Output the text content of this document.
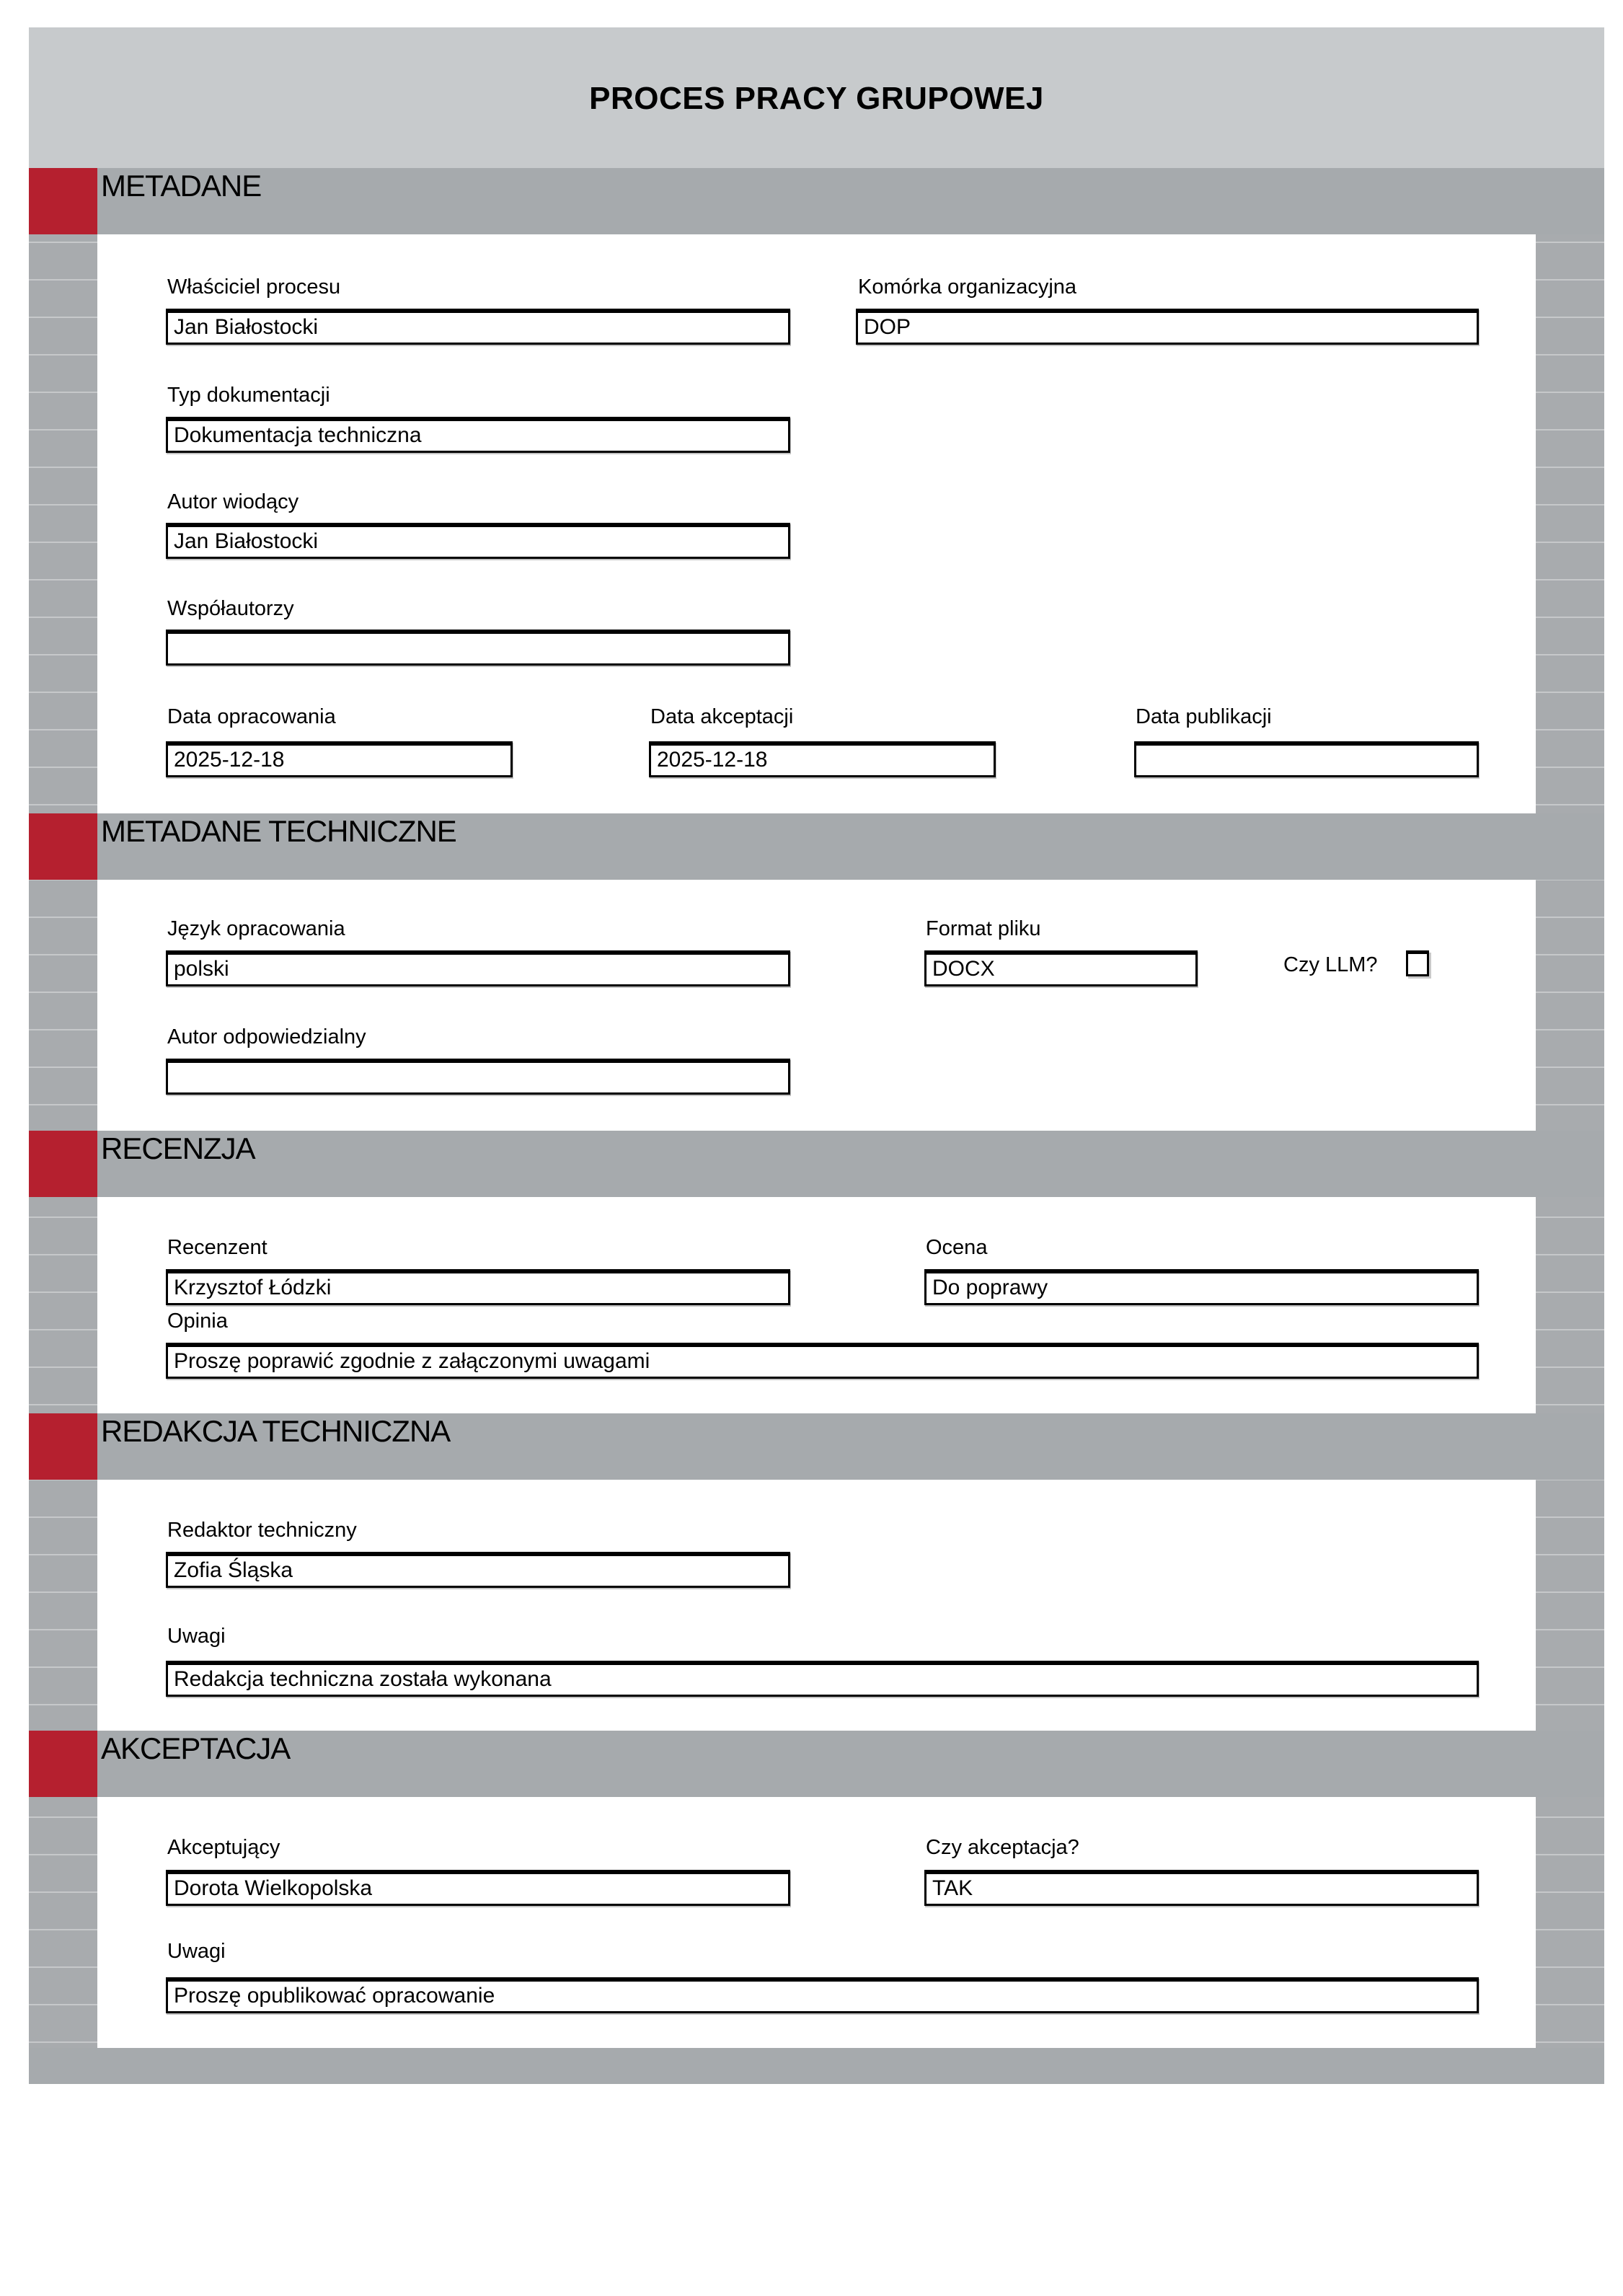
PROCES PRACY GRUPOWEJ
METADANE
Właściciel procesu
Jan Białostocki
Komórka organizacyjna
DOP
Typ dokumentacji
Dokumentacja techniczna
Autor wiodący
Jan Białostocki
Współautorzy
Data opracowania
2025-12-18
Data akceptacji
2025-12-18
Data publikacji
METADANE TECHNICZNE
Język opracowania
polski
Format pliku
DOCX	Czy LLM?
Autor odpowiedzialny
RECENZJA
Recenzent
Krzysztof Łódzki
Ocena
Do poprawy
Opinia
Proszę poprawić zgodnie z załączonymi uwagami
REDAKCJA TECHNICZNA
Redaktor techniczny
Zofia Śląska
Uwagi
Redakcja techniczna została wykonana
AKCEPTACJA
Akceptujący
Dorota Wielkopolska
Czy akceptacja?
TAK
Uwagi
Proszę opublikować opracowanie
